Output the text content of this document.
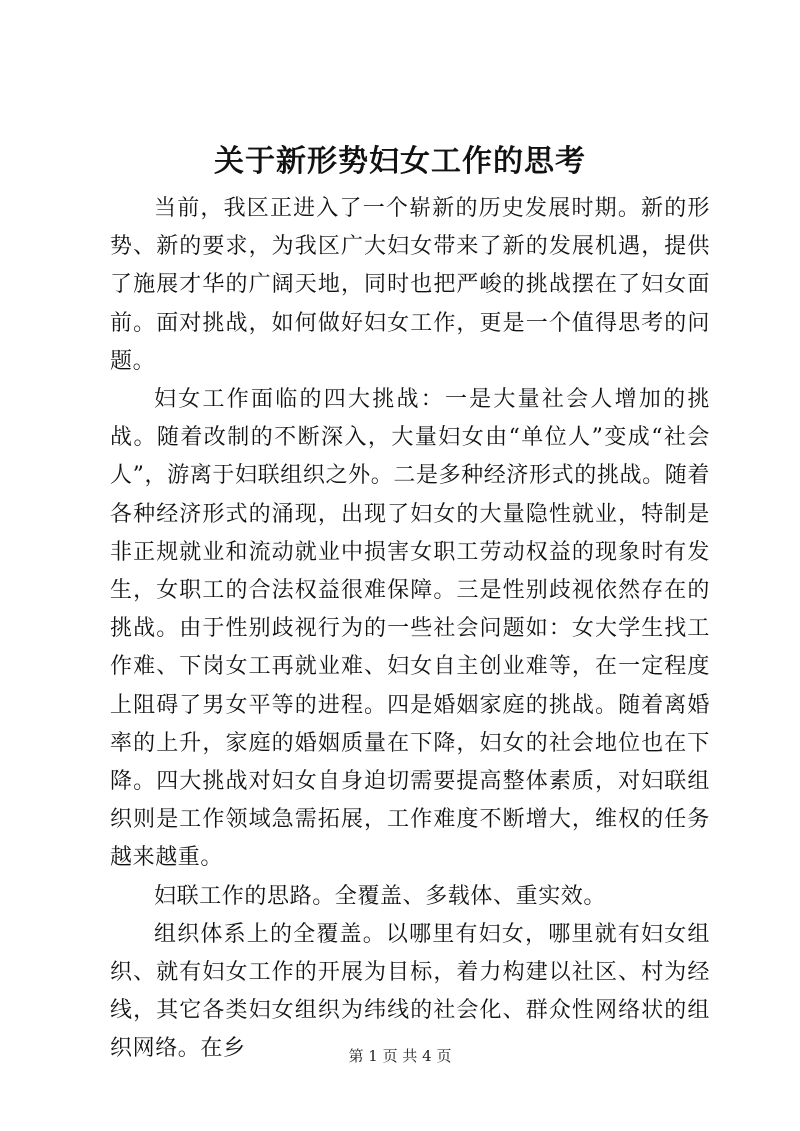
关于新形势妇女工作的思考

当前，我区正进入了一个崭新的历史发展时期。新的形势、新的要求，为我区广大妇女带来了新的发展机遇，提供了施展才华的广阔天地，同时也把严峻的挑战摆在了妇女面前。面对挑战，如何做好妇女工作，更是一个值得思考的问题。

妇女工作面临的四大挑战：一是大量社会人增加的挑战。随着改制的不断深入，大量妇女由“单位人”变成“社会人”，游离于妇联组织之外。二是多种经济形式的挑战。随着各种经济形式的涌现，出现了妇女的大量隐性就业，特制是非正规就业和流动就业中损害女职工劳动权益的现象时有发生，女职工的合法权益很难保障。三是性别歧视依然存在的挑战。由于性别歧视行为的一些社会问题如：女大学生找工作难、下岗女工再就业难、妇女自主创业难等，在一定程度上阻碍了男女平等的进程。四是婚姻家庭的挑战。随着离婚率的上升，家庭的婚姻质量在下降，妇女的社会地位也在下降。四大挑战对妇女自身迫切需要提高整体素质，对妇联组织则是工作领域急需拓展，工作难度不断增大，维权的任务越来越重。

妇联工作的思路。全覆盖、多载体、重实效。

组织体系上的全覆盖。以哪里有妇女，哪里就有妇女组织、就有妇女工作的开展为目标，着力构建以社区、村为经线，其它各类妇女组织为纬线的社会化、群众性网络状的组织网络。在乡	第 1 页 共 4 页
